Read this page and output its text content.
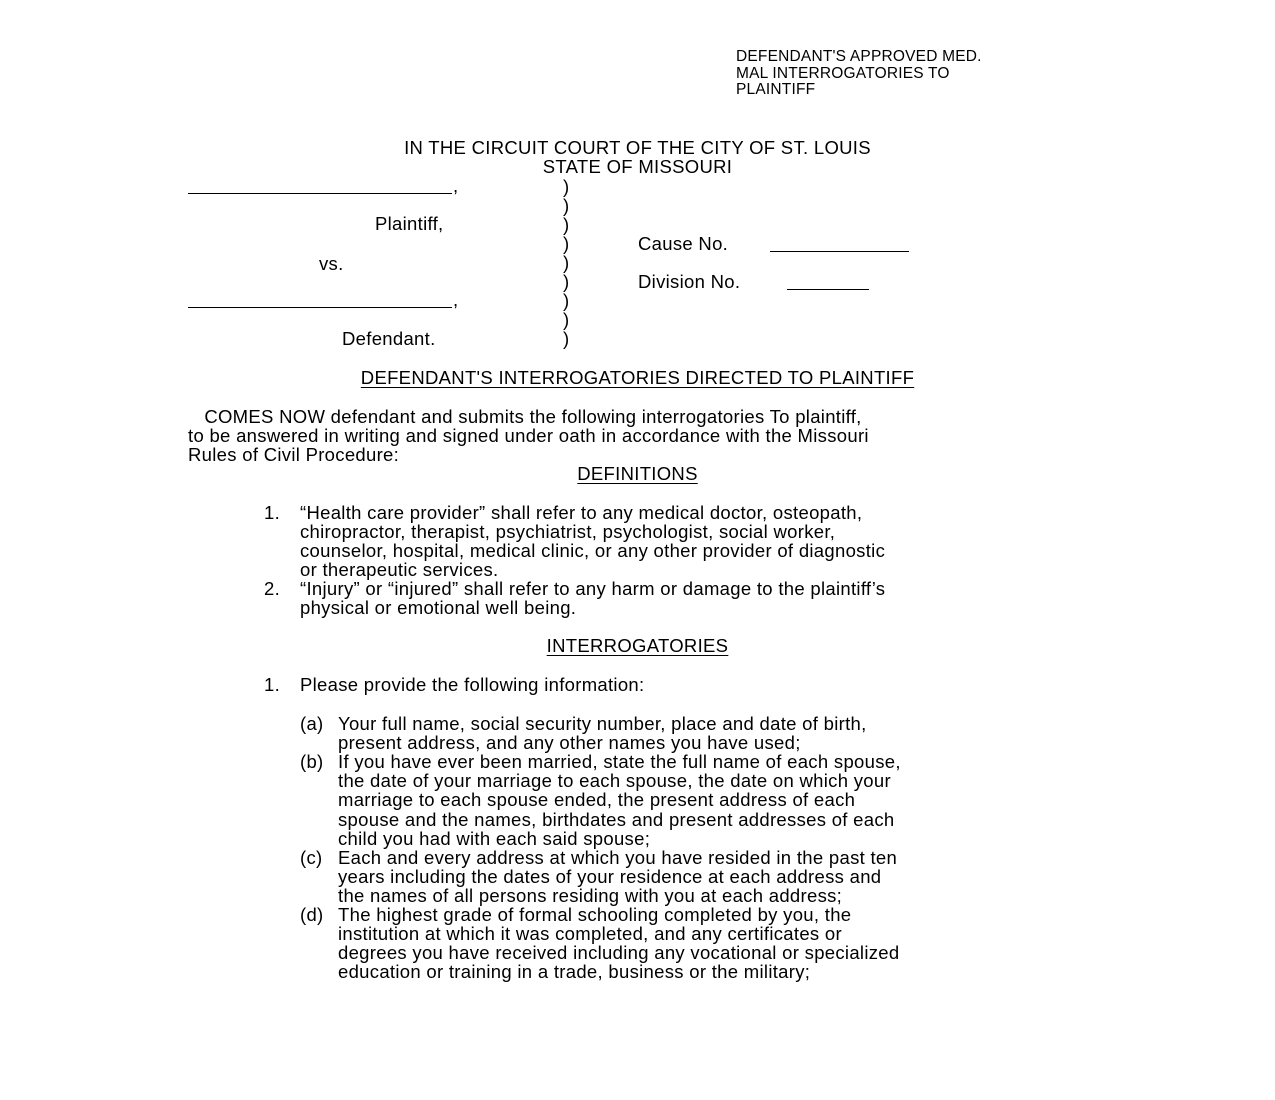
DEFENDANT'S APPROVED MED.
MAL INTERROGATORIES TO
PLAINTIFF
IN THE CIRCUIT COURT OF THE CITY OF ST. LOUIS
STATE OF MISSOURI
,
Plaintiff,
vs.
,
Defendant.
)
)
)
)
)
)
)
)
)
Cause No.
Division No.
DEFENDANT'S INTERROGATORIES DIRECTED TO PLAINTIFF
COMES NOW defendant and submits the following interrogatories To plaintiff,
to be answered in writing and signed under oath in accordance with the Missouri
Rules of Civil Procedure:
DEFINITIONS
1. “Health care provider” shall refer to any medical doctor, osteopath,
chiropractor, therapist, psychiatrist, psychologist, social worker,
counselor, hospital, medical clinic, or any other provider of diagnostic
or therapeutic services.
2. “Injury” or “injured” shall refer to any harm or damage to the plaintiff’s
physical or emotional well being.
INTERROGATORIES
1. Please provide the following information:
(a) Your full name, social security number, place and date of birth,
present address, and any other names you have used;
(b) If you have ever been married, state the full name of each spouse,
the date of your marriage to each spouse, the date on which your
marriage to each spouse ended, the present address of each
spouse and the names, birthdates and present addresses of each
child you had with each said spouse;
(c) Each and every address at which you have resided in the past ten
years including the dates of your residence at each address and
the names of all persons residing with you at each address;
(d) The highest grade of formal schooling completed by you, the
institution at which it was completed, and any certificates or
degrees you have received including any vocational or specialized
education or training in a trade, business or the military;
